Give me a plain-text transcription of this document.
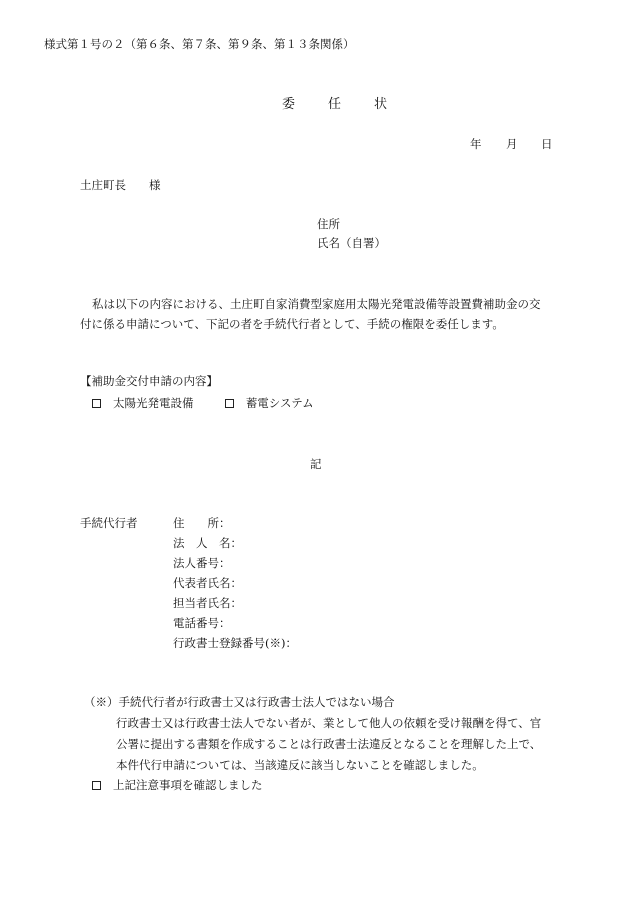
様式第１号の２（第６条、第７条、第９条、第１３条関係）
委　任　状
年 月 日
土庄町長　　様
住所
氏名（自署）

私は以下の内容における、土庄町自家消費型家庭用太陽光発電設備等設置費補助金の交

付に係る申請について、下記の者を手続代行者として、手続の権限を委任します。

【補助金交付申請の内容】
太陽光発電設備	蓄電システム
記
手続代行者	住　　所：
法　人　名：
法人番号：
代表者氏名：
担当者氏名：
電話番号：
行政書士登録番号(※)：
（※）手続代行者が行政書士又は行政書士法人ではない場合
行政書士又は行政書士法人でない者が、業として他人の依頼を受け報酬を得て、官
公署に提出する書類を作成することは行政書士法違反となることを理解した上で、
本件代行申請については、当該違反に該当しないことを確認しました。
上記注意事項を確認しました
